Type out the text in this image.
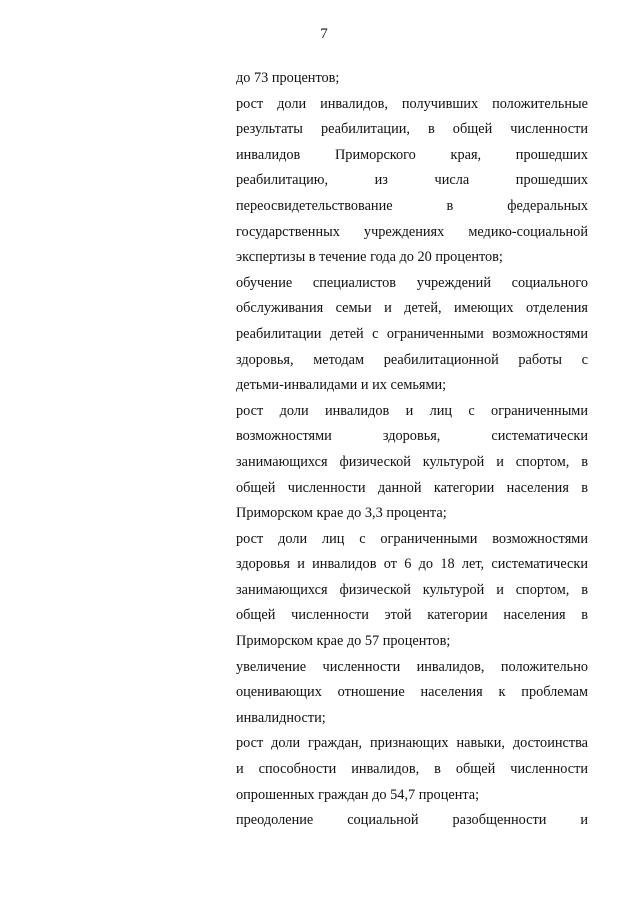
7
до 73 процентов;
рост доли инвалидов, получивших положительные
результаты реабилитации, в общей численности
инвалидов Приморского края, прошедших
реабилитацию, из числа прошедших
переосвидетельствование в федеральных
государственных учреждениях медико-социальной
экспертизы в течение года до 20 процентов;
обучение специалистов учреждений социального
обслуживания семьи и детей, имеющих отделения
реабилитации детей с ограниченными возможностями
здоровья, методам реабилитационной работы с
детьми-инвалидами и их семьями;
рост доли инвалидов и лиц с ограниченными
возможностями здоровья, систематически
занимающихся физической культурой и спортом, в
общей численности данной категории населения в
Приморском крае до 3,3 процента;
рост доли лиц с ограниченными возможностями
здоровья и инвалидов от 6 до 18 лет, систематически
занимающихся физической культурой и спортом, в
общей численности этой категории населения в
Приморском крае до 57 процентов;
увеличение численности инвалидов, положительно
оценивающих отношение населения к проблемам
инвалидности;
рост доли граждан, признающих навыки, достоинства
и способности инвалидов, в общей численности
опрошенных граждан до 54,7 процента;
преодоление социальной разобщенности и
